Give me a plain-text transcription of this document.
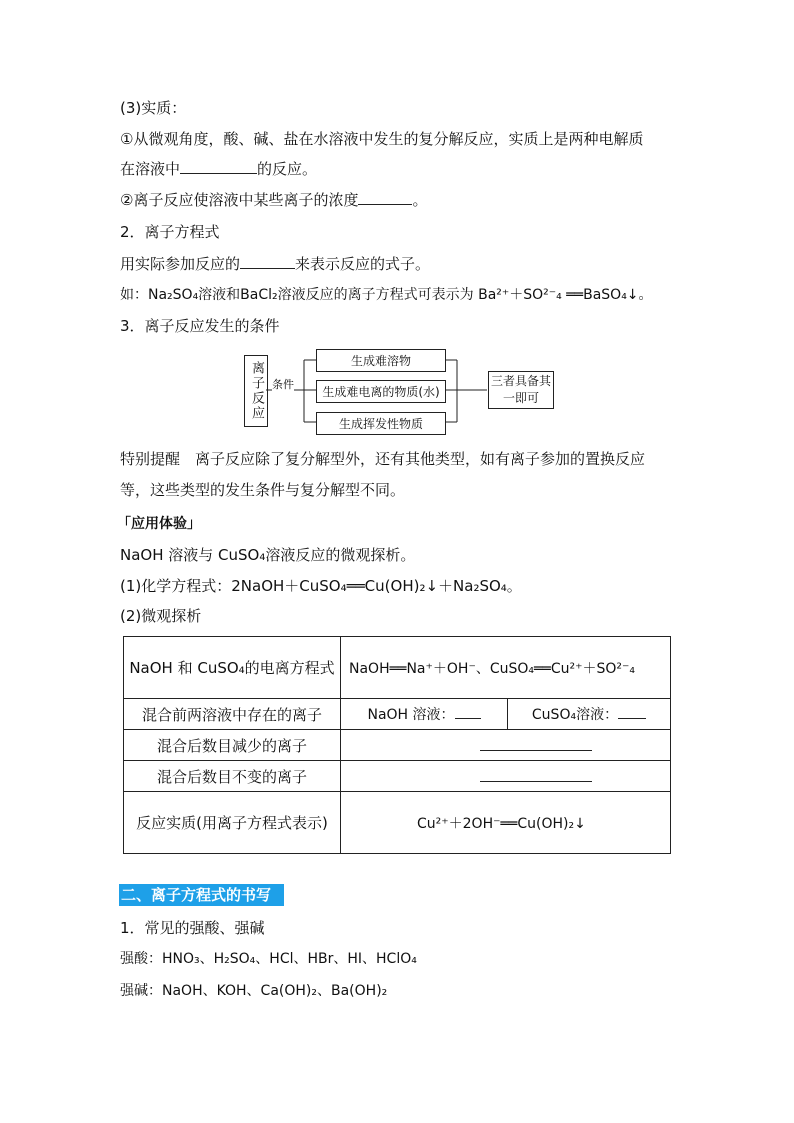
(3)实质：
①从微观角度，酸、碱、盐在水溶液中发生的复分解反应，实质上是两种电解质
在溶液中	的反应。
②离子反应使溶液中某些离子的浓度	。
2．离子方程式
用实际参加反应的	来表示反应的式子。
如：Na₂SO₄溶液和BaCl₂溶液反应的离子方程式可表示为 Ba²⁺＋SO²⁻₄ ══BaSO₄↓。
3．离子反应发生的条件
离子反应 条件
生成难溶物
生成难电离的物质(水)
生成挥发性物质
三者具备其一即可
特别提醒　离子反应除了复分解型外，还有其他类型，如有离子参加的置换反应
等，这些类型的发生条件与复分解型不同。
「应用体验」
NaOH 溶液与 CuSO₄溶液反应的微观探析。
(1)化学方程式：2NaOH＋CuSO₄══Cu(OH)₂↓＋Na₂SO₄。
(2)微观探析
NaOH 和 CuSO₄的电离方程式	NaOH══Na⁺＋OH⁻、CuSO₄══Cu²⁺＋SO²⁻₄	
混合前两溶液中存在的离子	NaOH 溶液：	CuSO₄溶液：
混合后数目减少的离子		
混合后数目不变的离子		
反应实质(用离子方程式表示)	Cu²⁺＋2OH⁻══Cu(OH)₂↓	
二、离子方程式的书写
1．常见的强酸、强碱
强酸：HNO₃、H₂SO₄、HCl、HBr、HI、HClO₄
强碱：NaOH、KOH、Ca(OH)₂、Ba(OH)₂
